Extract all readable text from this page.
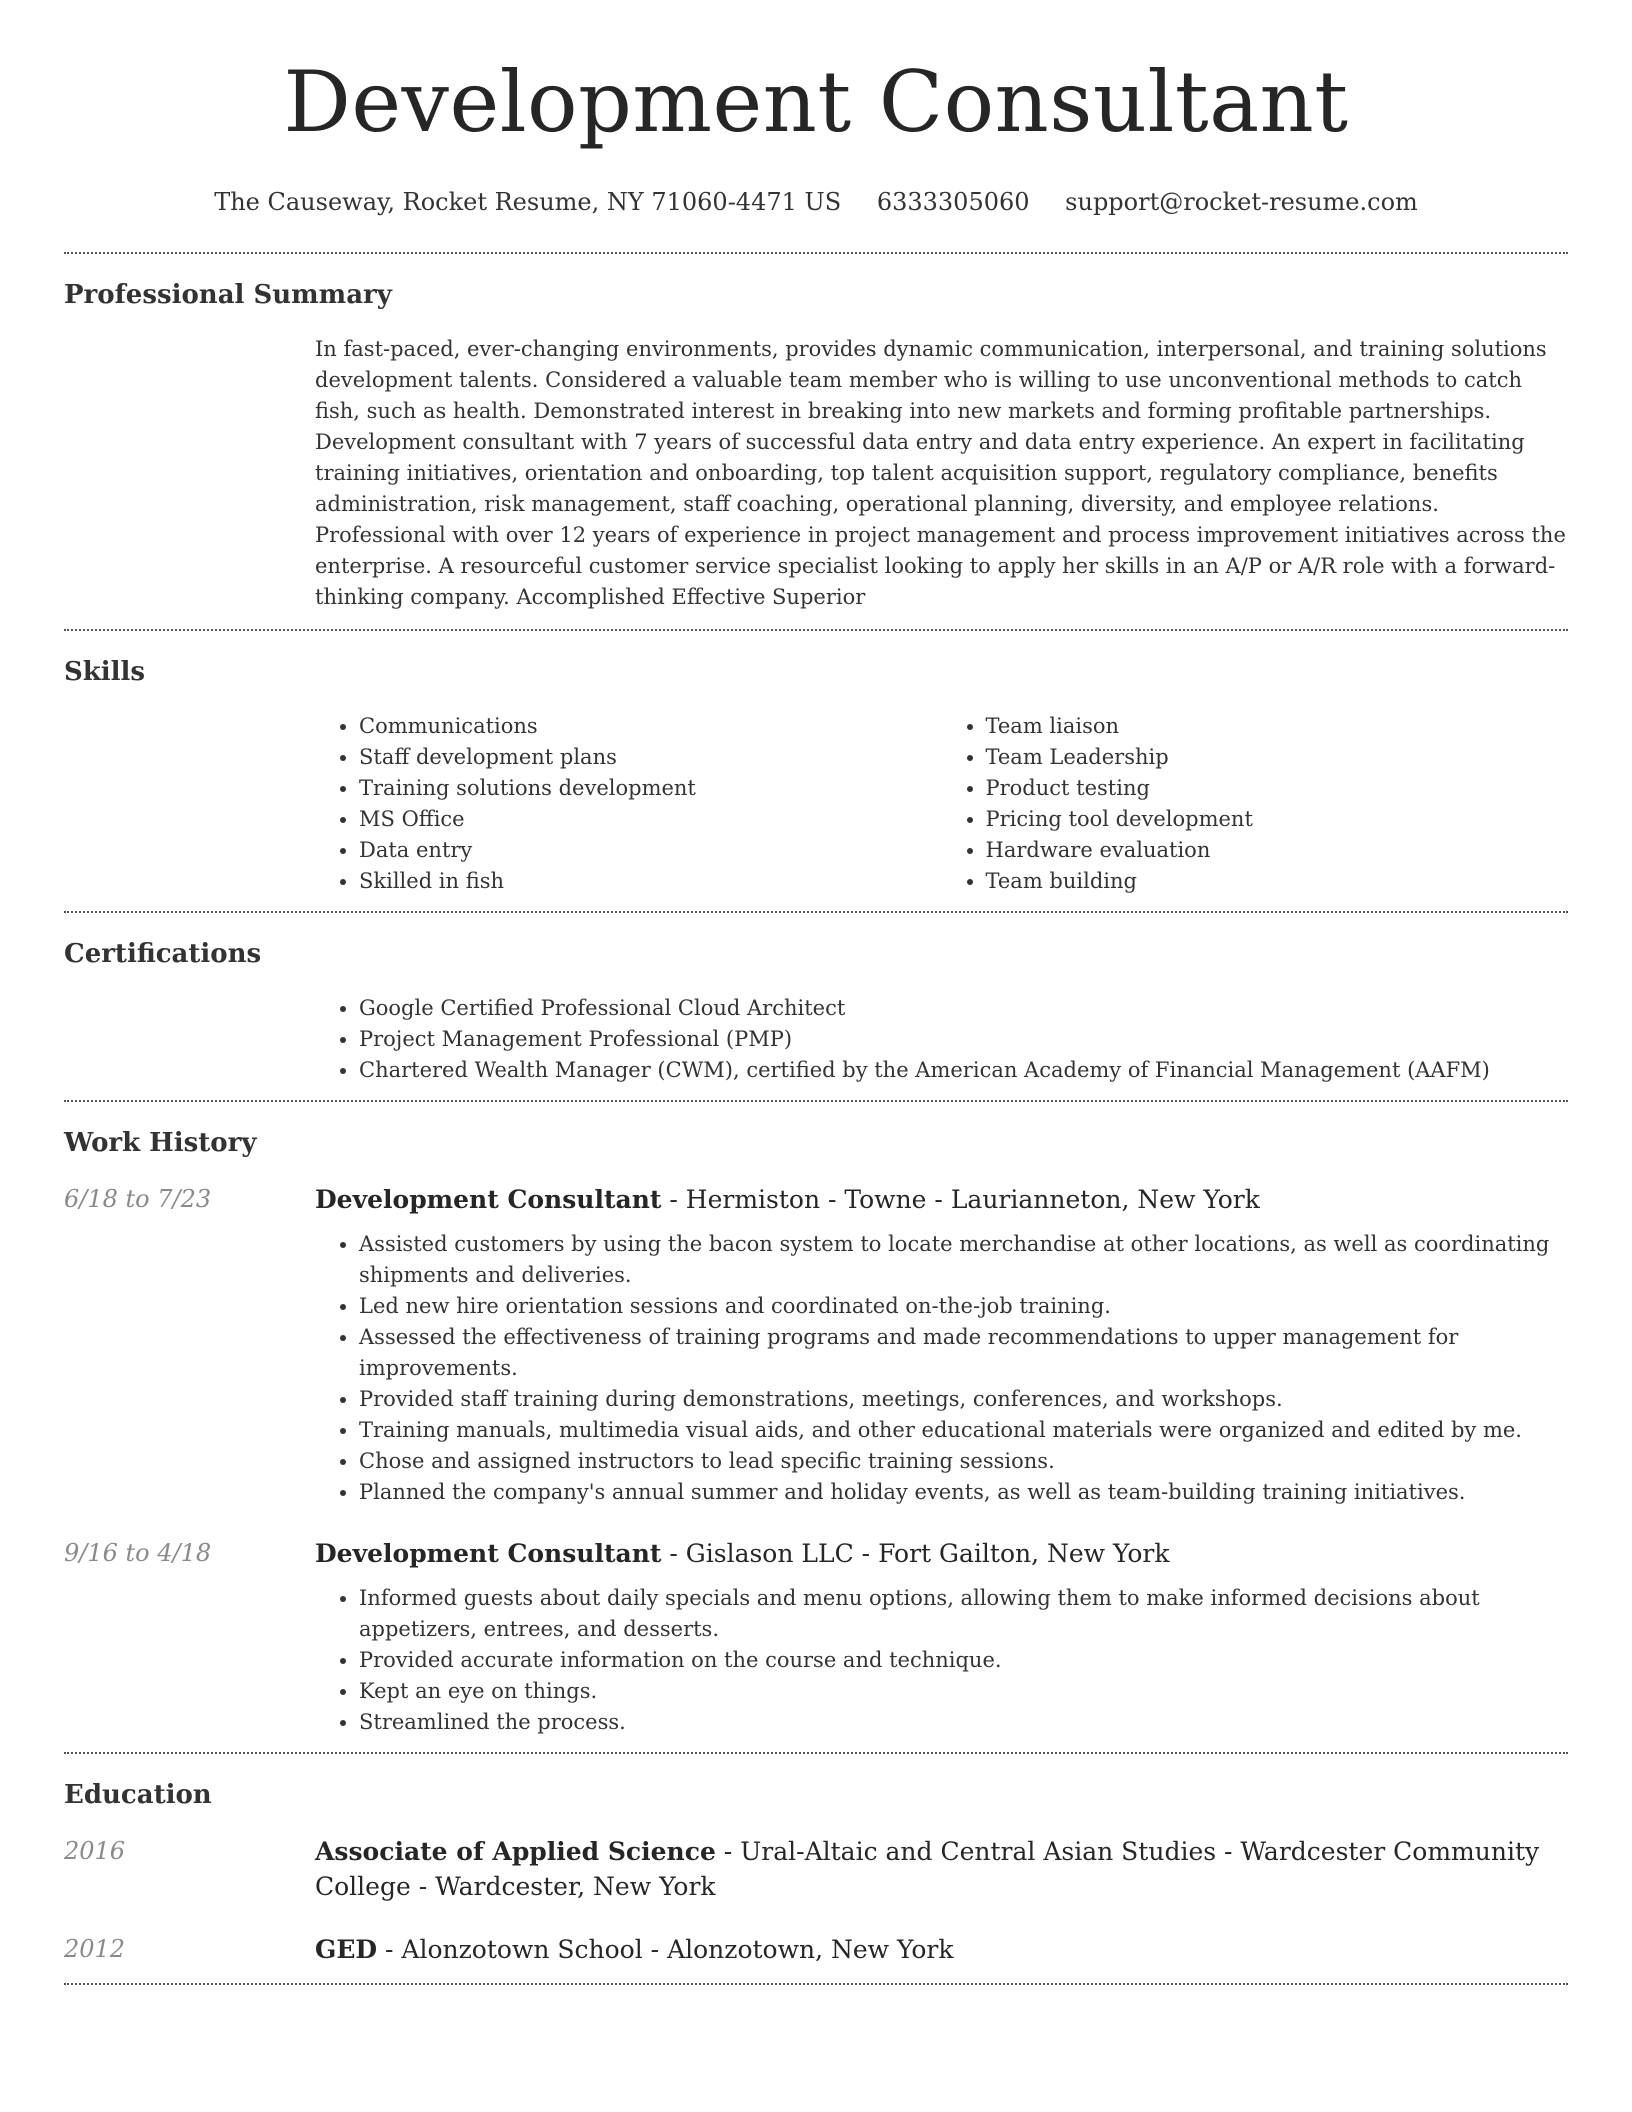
Development Consultant
The Causeway, Rocket Resume, NY 71060-4471 US 6333305060 support@rocket-resume.com
Professional Summary
In fast-paced, ever-changing environments, provides dynamic communication, interpersonal, and training solutions development talents. Considered a valuable team member who is willing to use unconventional methods to catch fish, such as health. Demonstrated interest in breaking into new markets and forming profitable partnerships. Development consultant with 7 years of successful data entry and data entry experience. An expert in facilitating training initiatives, orientation and onboarding, top talent acquisition support, regulatory compliance, benefits administration, risk management, staff coaching, operational planning, diversity, and employee relations. Professional with over 12 years of experience in project management and process improvement initiatives across the enterprise. A resourceful customer service specialist looking to apply her skills in an A/P or A/R role with a forward-thinking company. Accomplished Effective Superior
Skills
• Communications
• Staff development plans
• Training solutions development
• MS Office
• Data entry
• Skilled in fish
• Team liaison
• Team Leadership
• Product testing
• Pricing tool development
• Hardware evaluation
• Team building
Certifications
• Google Certified Professional Cloud Architect
• Project Management Professional (PMP)
• Chartered Wealth Manager (CWM), certified by the American Academy of Financial Management (AAFM)
Work History
6/18 to 7/23	Development Consultant - Hermiston - Towne - Laurianneton, New York
• Assisted customers by using the bacon system to locate merchandise at other locations, as well as coordinating shipments and deliveries.
• Led new hire orientation sessions and coordinated on-the-job training.
• Assessed the effectiveness of training programs and made recommendations to upper management for improvements.
• Provided staff training during demonstrations, meetings, conferences, and workshops.
• Training manuals, multimedia visual aids, and other educational materials were organized and edited by me.
• Chose and assigned instructors to lead specific training sessions.
• Planned the company's annual summer and holiday events, as well as team-building training initiatives.
9/16 to 4/18	Development Consultant - Gislason LLC - Fort Gailton, New York
• Informed guests about daily specials and menu options, allowing them to make informed decisions about appetizers, entrees, and desserts.
• Provided accurate information on the course and technique.
• Kept an eye on things.
• Streamlined the process.
Education
2016	Associate of Applied Science - Ural-Altaic and Central Asian Studies - Wardcester Community College - Wardcester, New York
2012	GED - Alonzotown School - Alonzotown, New York
